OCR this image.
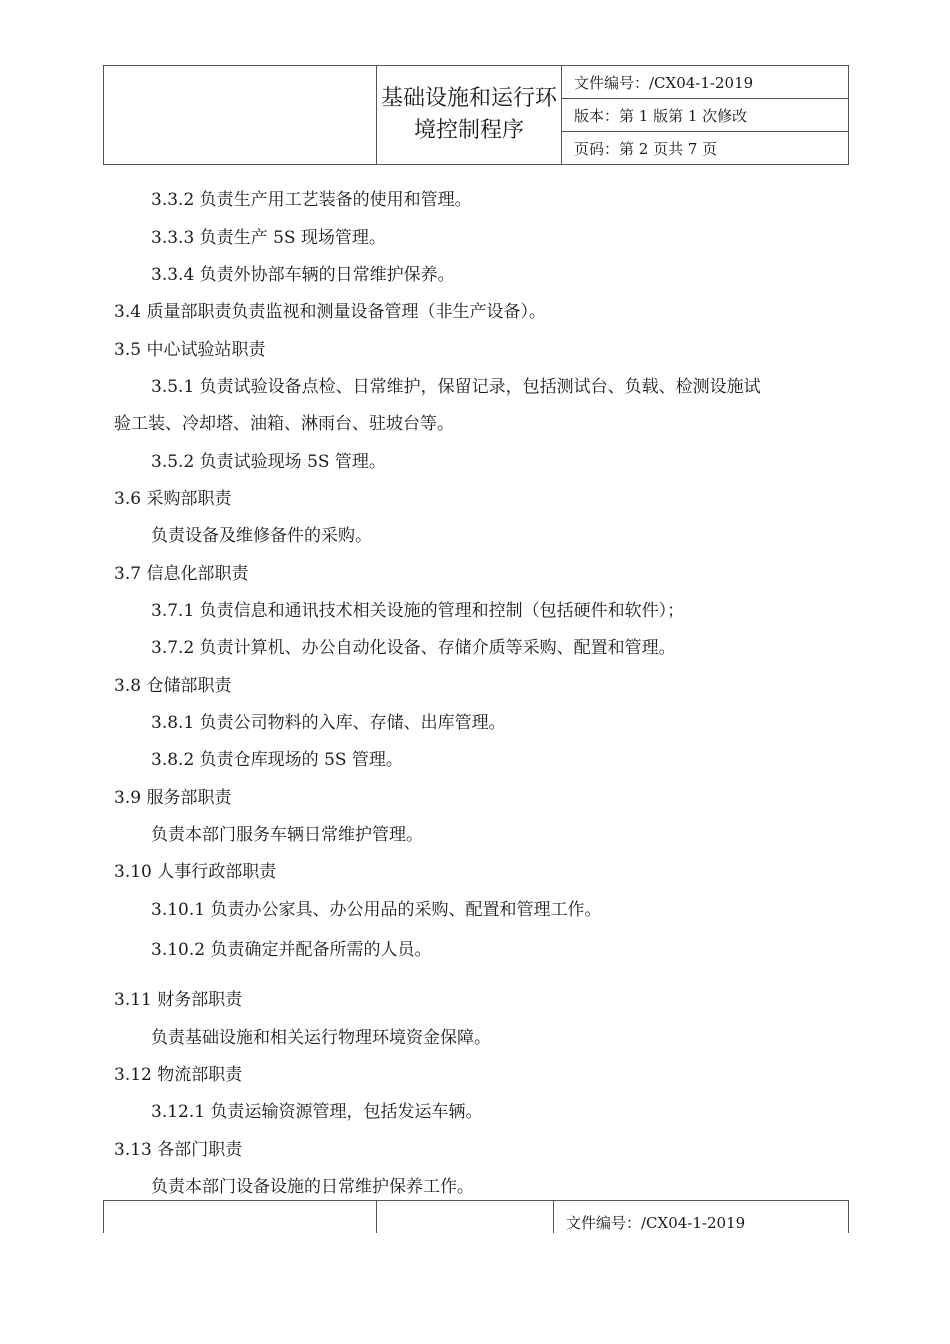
	基础设施和运行环境控制程序	文件编号：/CX04-1-2019
版本：第 1 版第 1 次修改
页码：第 2 页共 7 页
3.3.2 负责生产用工艺装备的使用和管理。
3.3.3 负责生产 5S 现场管理。
3.3.4 负责外协部车辆的日常维护保养。
3.4 质量部职责负责监视和测量设备管理（非生产设备）。
3.5 中心试验站职责
3.5.1 负责试验设备点检、日常维护，保留记录，包括测试台、负载、检测设施试
验工装、冷却塔、油箱、淋雨台、驻坡台等。
3.5.2 负责试验现场 5S 管理。
3.6 采购部职责
负责设备及维修备件的采购。
3.7 信息化部职责
3.7.1 负责信息和通讯技术相关设施的管理和控制（包括硬件和软件）；
3.7.2 负责计算机、办公自动化设备、存储介质等采购、配置和管理。
3.8 仓储部职责
3.8.1 负责公司物料的入库、存储、出库管理。
3.8.2 负责仓库现场的 5S 管理。
3.9 服务部职责
负责本部门服务车辆日常维护管理。
3.10 人事行政部职责
3.10.1 负责办公家具、办公用品的采购、配置和管理工作。
3.10.2 负责确定并配备所需的人员。
3.11 财务部职责
负责基础设施和相关运行物理环境资金保障。
3.12 物流部职责
3.12.1 负责运输资源管理，包括发运车辆。
3.13 各部门职责
负责本部门设备设施的日常维护保养工作。
		文件编号：/CX04-1-2019
